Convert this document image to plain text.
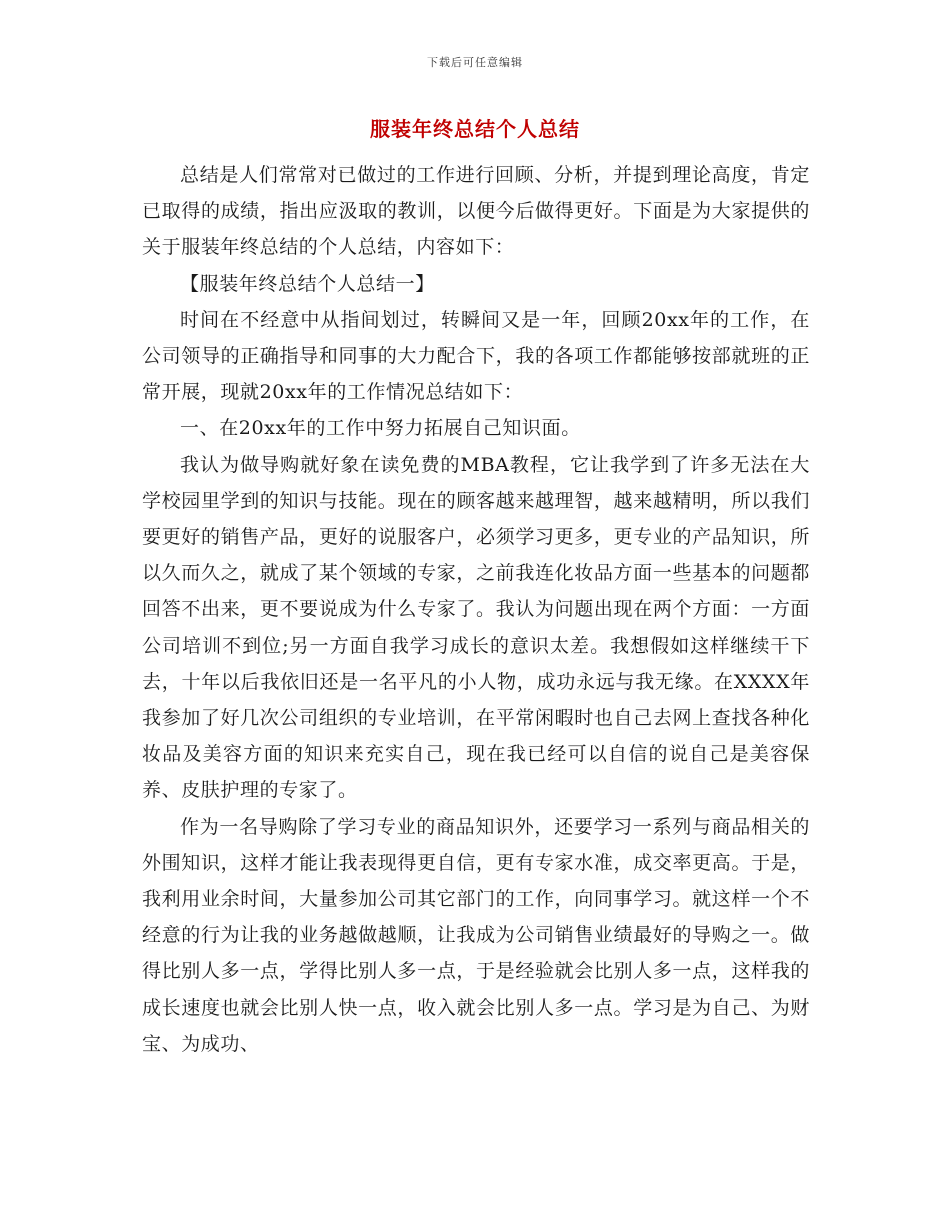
下载后可任意编辑
服装年终总结个人总结

总结是人们常常对已做过的工作进行回顾、分析，并提到理论高度，肯定已取得的成绩，指出应汲取的教训，以便今后做得更好。下面是为大家提供的关于服装年终总结的个人总结，内容如下：

【服装年终总结个人总结一】

时间在不经意中从指间划过，转瞬间又是一年，回顾20xx年的工作，在公司领导的正确指导和同事的大力配合下，我的各项工作都能够按部就班的正常开展，现就20xx年的工作情况总结如下：

一、在20xx年的工作中努力拓展自己知识面。

我认为做导购就好象在读免费的MBA教程，它让我学到了许多无法在大学校园里学到的知识与技能。现在的顾客越来越理智，越来越精明，所以我们要更好的销售产品，更好的说服客户，必须学习更多，更专业的产品知识，所以久而久之，就成了某个领域的专家，之前我连化妆品方面一些基本的问题都回答不出来，更不要说成为什么专家了。我认为问题出现在两个方面：一方面公司培训不到位;另一方面自我学习成长的意识太差。我想假如这样继续干下去，十年以后我依旧还是一名平凡的小人物，成功永远与我无缘。在XXXX年我参加了好几次公司组织的专业培训，在平常闲暇时也自己去网上查找各种化妆品及美容方面的知识来充实自己，现在我已经可以自信的说自己是美容保养、皮肤护理的专家了。

作为一名导购除了学习专业的商品知识外，还要学习一系列与商品相关的外围知识，这样才能让我表现得更自信，更有专家水准，成交率更高。于是，我利用业余时间，大量参加公司其它部门的工作，向同事学习。就这样一个不经意的行为让我的业务越做越顺，让我成为公司销售业绩最好的导购之一。做得比别人多一点，学得比别人多一点，于是经验就会比别人多一点，这样我的成长速度也就会比别人快一点，收入就会比别人多一点。学习是为自己、为财宝、为成功、
